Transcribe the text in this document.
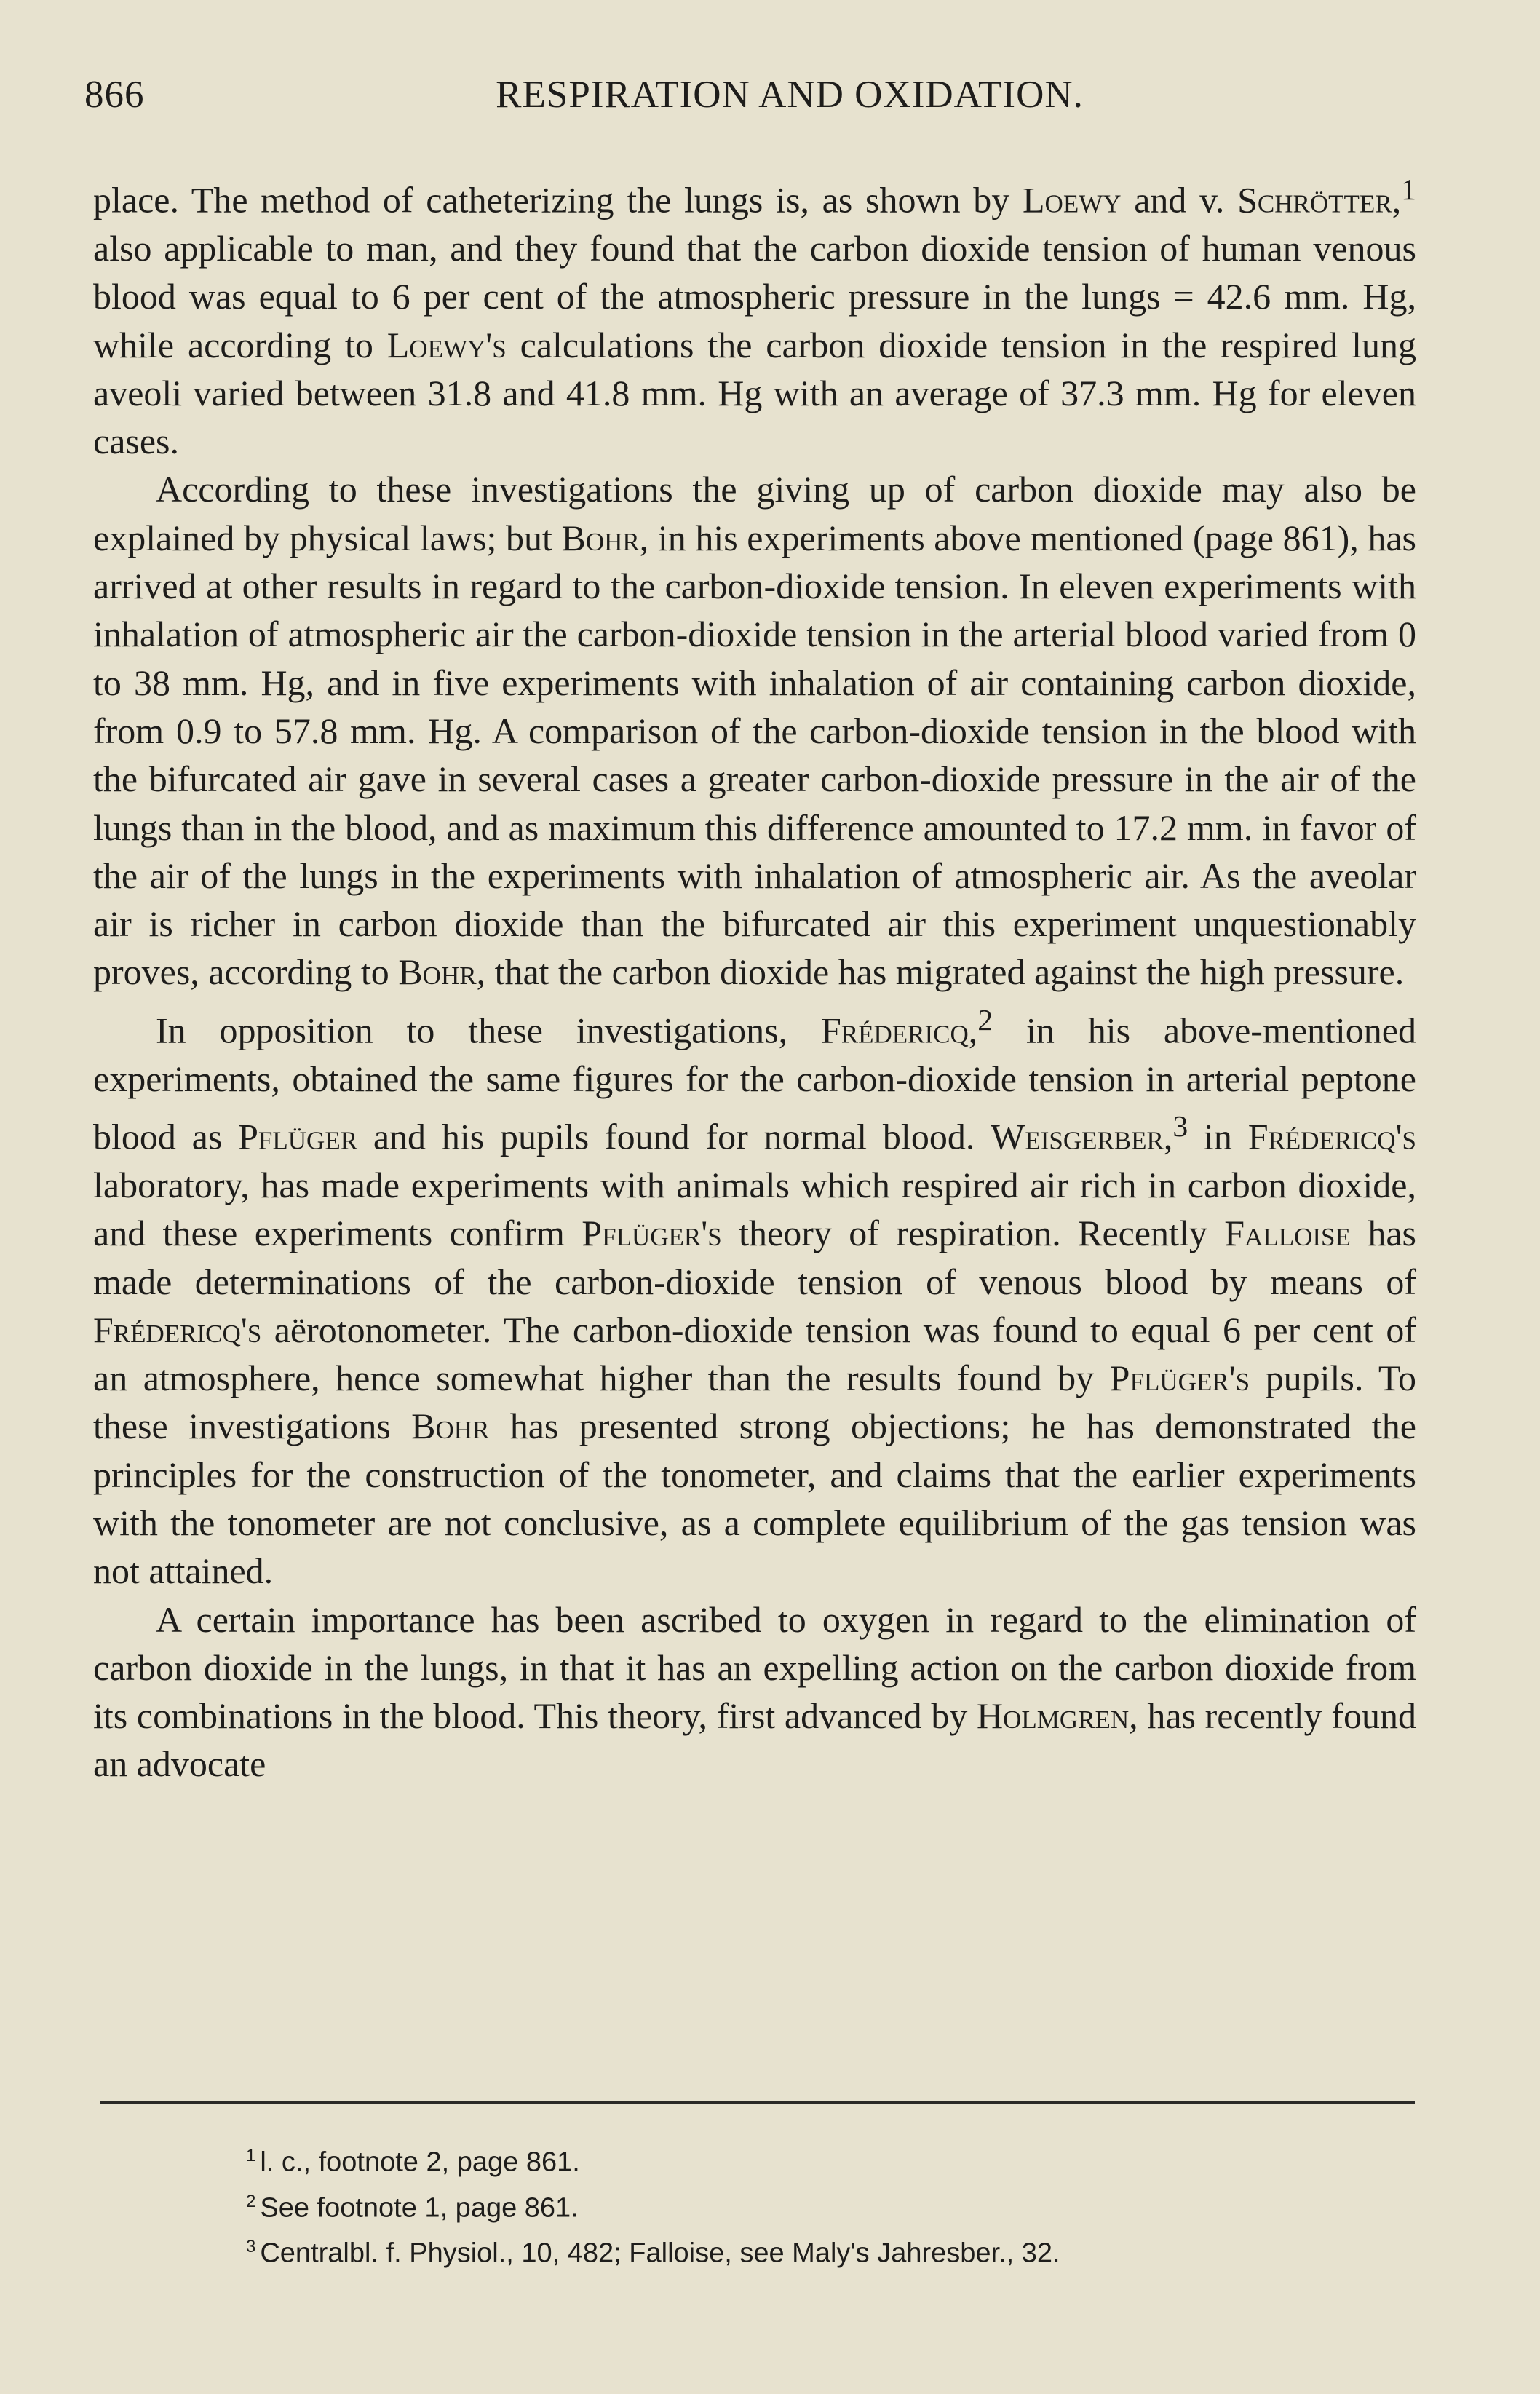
866	RESPIRATION AND OXIDATION.

place. The method of catheterizing the lungs is, as shown by Loewy and v. Schrötter,$^1$ also applicable to man, and they found that the carbon dioxide tension of human venous blood was equal to 6 per cent of the atmospheric pressure in the lungs = 42.6 mm. Hg, while according to Loewy's calculations the carbon dioxide tension in the respired lung aveoli varied between 31.8 and 41.8 mm. Hg with an average of 37.3 mm. Hg for eleven cases.

According to these investigations the giving up of carbon dioxide may also be explained by physical laws; but Bohr, in his experiments above mentioned (page 861), has arrived at other results in regard to the carbon-dioxide tension. In eleven experiments with inhalation of atmospheric air the carbon-dioxide tension in the arterial blood varied from 0 to 38 mm. Hg, and in five experiments with inhalation of air containing carbon dioxide, from 0.9 to 57.8 mm. Hg. A comparison of the carbon-dioxide tension in the blood with the bifurcated air gave in several cases a greater carbon-dioxide pressure in the air of the lungs than in the blood, and as maximum this difference amounted to 17.2 mm. in favor of the air of the lungs in the experiments with inhalation of atmospheric air. As the aveolar air is richer in carbon dioxide than the bifurcated air this experiment unquestionably proves, according to Bohr, that the carbon dioxide has migrated against the high pressure.

In opposition to these investigations, Frédericq,$^2$ in his above-mentioned experiments, obtained the same figures for the carbon-dioxide tension in arterial peptone blood as Pflüger and his pupils found for normal blood. Weisgerber,$^3$ in Frédericq's laboratory, has made experiments with animals which respired air rich in carbon dioxide, and these experiments confirm Pflüger's theory of respiration. Recently Falloise has made determinations of the carbon-dioxide tension of venous blood by means of Frédericq's aërotonometer. The carbon-dioxide tension was found to equal 6 per cent of an atmosphere, hence somewhat higher than the results found by Pflüger's pupils. To these investigations Bohr has presented strong objections; he has demonstrated the principles for the construction of the tonometer, and claims that the earlier experiments with the tonometer are not conclusive, as a complete equilibrium of the gas tension was not attained.

A certain importance has been ascribed to oxygen in regard to the elimination of carbon dioxide in the lungs, in that it has an expelling action on the carbon dioxide from its combinations in the blood. This theory, first advanced by Holmgren, has recently found an advocate

$^1$ l. c., footnote 2, page 861.
$^2$ See footnote 1, page 861.
$^3$ Centralbl. f. Physiol., 10, 482; Falloise, see Maly's Jahresber., 32.
